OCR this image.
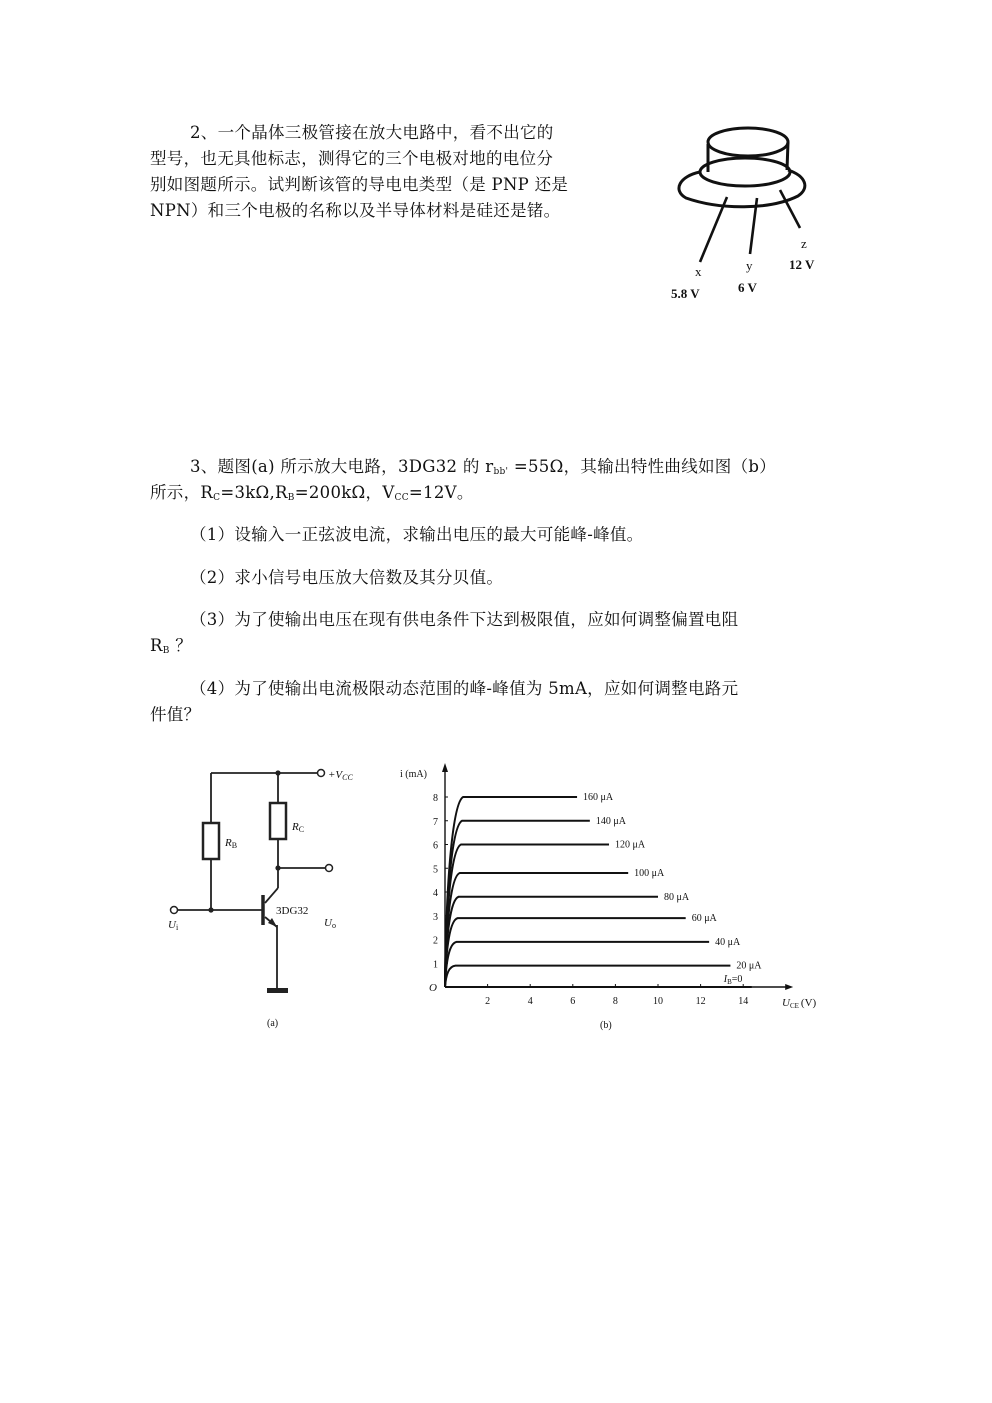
2、一个晶体三极管接在放大电路中，看不出它的
型号，也无具他标志，测得它的三个电极对地的电位分
别如图题所示。试判断该管的导电电类型（是 PNP 还是
NPN）和三个电极的名称以及半导体材料是硅还是锗。
x
5.8 V
y
6 V
z
12 V
3、题图(a) 所示放大电路，3DG32 的 $r_{bb'} =55\Omega$，其输出特性曲线如图（b）
所示，$R_C=3k\Omega,R_B=200k\Omega$，$V_{CC}=12V$。
（1）设输入一正弦波电流，求输出电压的最大可能峰-峰值。
（2）求小信号电压放大倍数及其分贝值。
（3）为了使输出电压在现有供电条件下达到极限值，应如何调整偏置电阻
$R_B$ ？
（4）为了使输出电流极限动态范围的峰-峰值为 5mA，应如何调整电路元
件值？
+VCC
RB
RC
3DG32
Ui	Uo
(a)
2	4	6	8	10	12	14
1
2
3
4
5
6
7
8	160 μA
140 μA
120 μA
100 μA
80 μA
60 μA
40 μA
20 μA
$I_B=0$
i (mA)
O
UCE (V)
(b)
